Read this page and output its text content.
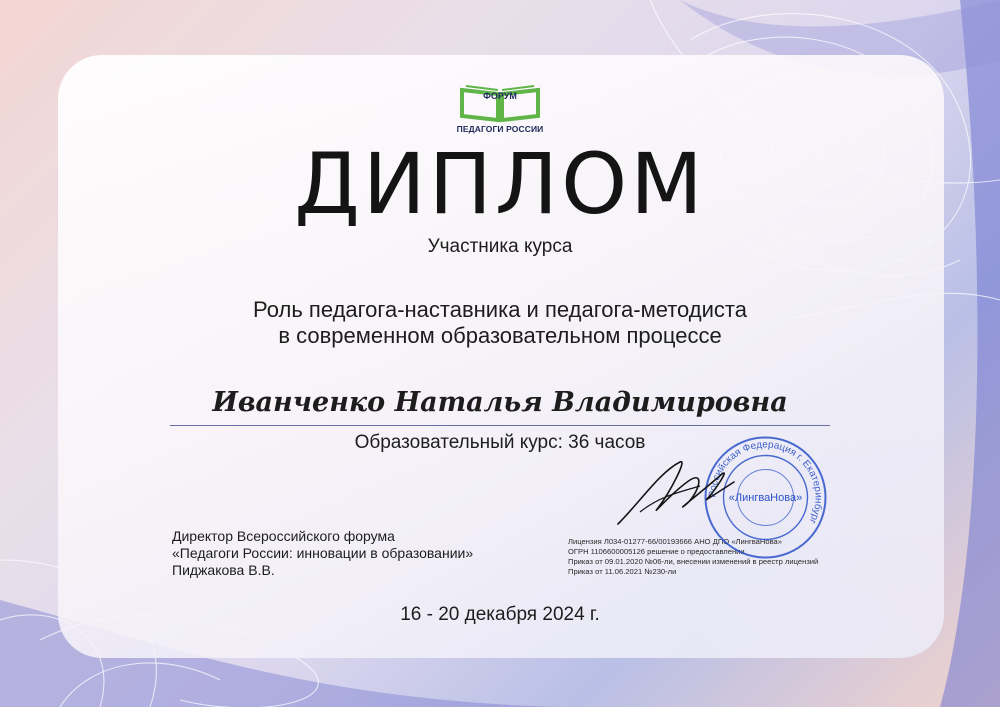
ФОРУМ
ПЕДАГОГИ РОССИИ
ДИПЛОМ
Участника курса
Роль педагога-наставника и педагога-методиста
в современном образовательном процессе
Иванченко Наталья Владимировна
Образовательный курс: 36 часов
Директор Всероссийского форума
«Педагоги России: инновации в образовании»
Пиджакова В.В.
Лицензия Л034-01277-66/00193666 АНО ДПО «ЛингваНова»
ОГРН 1106600005126 решение о предоставлении
Приказ от 09.01.2020 №06-ли, внесении изменений в реестр лицензий
Приказ от 11.06.2021 №230-ли
Российская Федерация г. Екатеринбург
«ЛингваНова»
16 - 20 декабря 2024 г.
